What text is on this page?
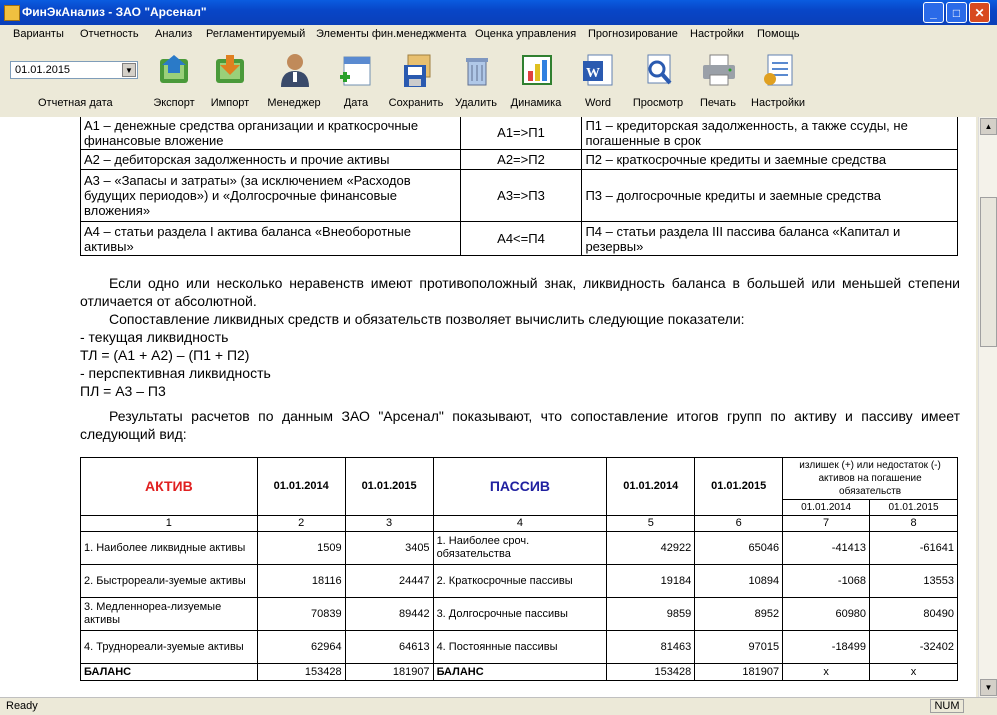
ФинЭкАнализ - ЗАО "Арсенал"	_	□	✕
Варианты Отчетность Анализ Регламентируемый Элементы фин.менеджмента Оценка управления Прогнозирование Настройки Помощь
01.01.2015	▼
Отчетная дата	Экспорт	Импорт	Менеджер	Дата	Сохранить	Удалить	Динамика
W
Word	Просмотр	Печать	Настройки
А1 – денежные средства организации и краткосрочные финансовые вложение	А1=>П1	П1 – кредиторская задолженность, а также ссуды, не погашенные в срок
А2 – дебиторская задолженность и прочие активы	А2=>П2	П2 – краткосрочные кредиты и заемные средства
А3 – «Запасы и затраты» (за исключением «Расходов будущих периодов») и «Долгосрочные финансовые вложения»	А3=>П3	П3 – долгосрочные кредиты и заемные средства
А4 – статьи раздела I актива баланса «Внеоборотные активы»	А4<=П4	П4 – статьи раздела III пассива баланса «Капитал и резервы»

Если одно или несколько неравенств имеют противоположный знак, ликвидность баланса в большей или меньшей степени отличается от абсолютной.

Сопоставление ликвидных средств и обязательств позволяет вычислить следующие показатели:

- текущая ликвидность

ТЛ = (А1 + А2) – (П1 + П2)

- перспективная ликвидность

ПЛ = А3 – П3

Результаты расчетов по данным ЗАО "Арсенал" показывают, что сопоставление итогов групп по активу и пассиву имеет следующий вид:

АКТИВ	01.01.2014	01.01.2015	ПАССИВ	01.01.2014	01.01.2015	излишек (+) или недостаток (-) активов на погашение обязательств	
						01.01.2014	01.01.2015
1	2	3	4	5	6	7	8
1. Наиболее ликвидные активы	1509	3405	1. Наиболее сроч. обязательства	42922	65046	-41413	-61641
2. Быстрореали-зуемые активы	18116	24447	2. Краткосрочные пассивы	19184	10894	-1068	13553
3. Медленнореа-лизуемые активы	70839	89442	3. Долгосрочные пассивы	9859	8952	60980	80490
4. Труднореали-зуемые активы	62964	64613	4. Постоянные пассивы	81463	97015	-18499	-32402
БАЛАНС	153428	181907	БАЛАНС	153428	181907	х	х
▲
▼
Ready	NUM
